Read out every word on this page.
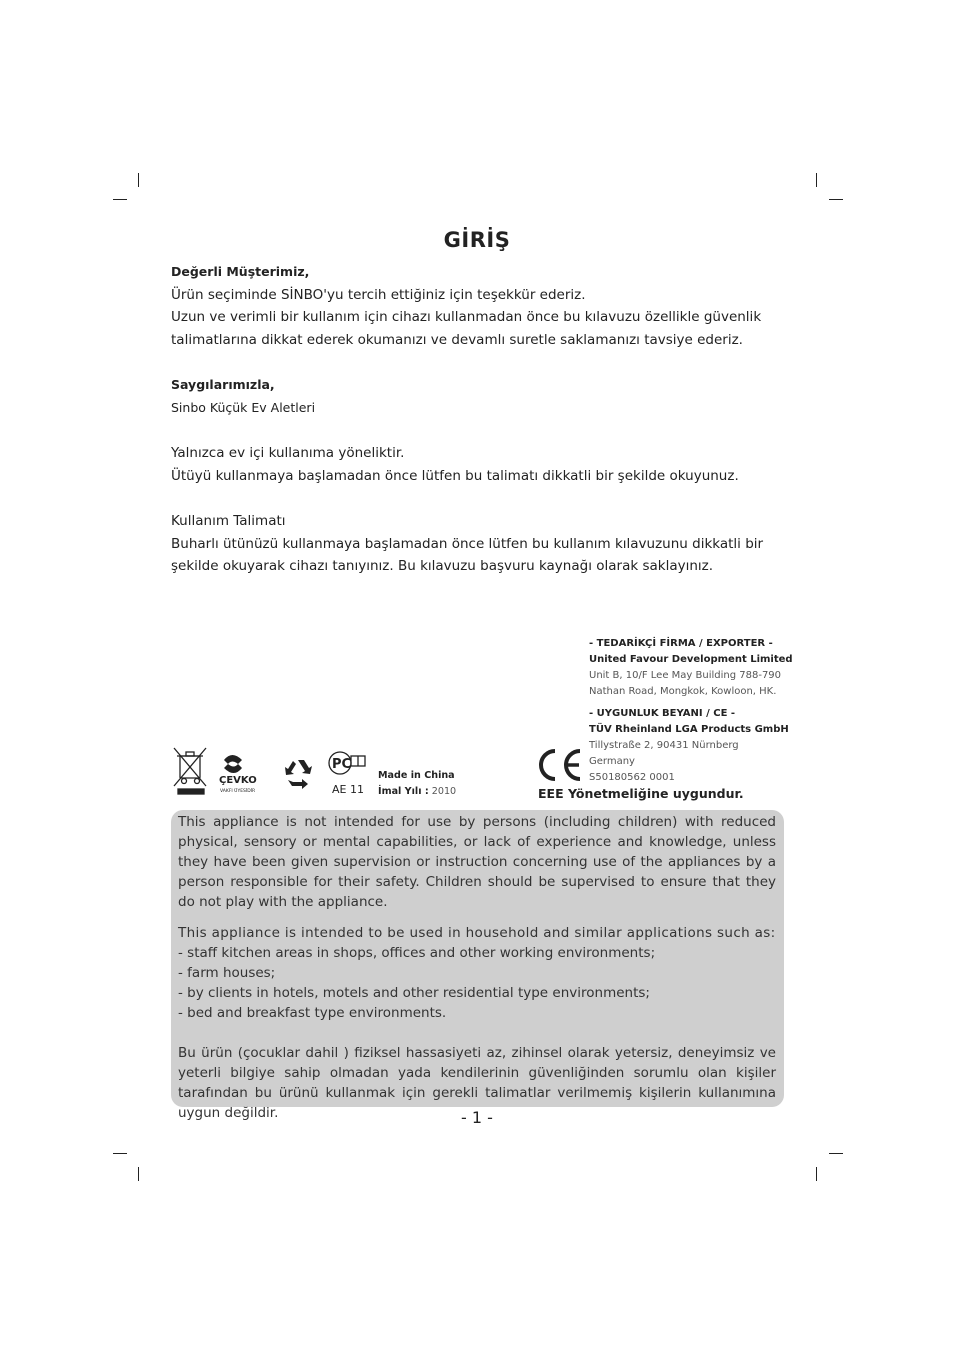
GİRİŞ

Değerli Müşterimiz,

Ürün seçiminde SİNBO'yu tercih ettiğiniz için teşekkür ederiz.

Uzun ve verimli bir kullanım için cihazı kullanmadan önce bu kılavuzu özellikle güvenlik

talimatlarına dikkat ederek okumanızı ve devamlı suretle saklamanızı tavsiye ederiz.

Saygılarımızla,

Sinbo Küçük Ev Aletleri

Yalnızca ev içi kullanıma yöneliktir.

Ütüyü kullanmaya başlamadan önce lütfen bu talimatı dikkatli bir şekilde okuyunuz.

Kullanım Talimatı

Buharlı ütünüzü kullanmaya başlamadan önce lütfen bu kullanım kılavuzunu dikkatli bir

şekilde okuyarak cihazı tanıyınız. Bu kılavuzu başvuru kaynağı olarak saklayınız.

- TEDARİKÇİ FİRMA / EXPORTER -
United Favour Development Limited
Unit B, 10/F Lee May Building 788-790
Nathan Road, Mongkok, Kowloon, HK.
- UYGUNLUK BEYANI / CE -
TÜV Rheinland LGA Products GmbH
Tillystraße 2, 90431 Nürnberg
Germany
S50180562 0001
ÇEVKO
VAKFI ÜYESİDİR
PC
AE 11
Made in China
İmal Yılı : 2010	EEE Yönetmeliğine uygundur.

This appliance is not intended for use by persons (including children) with reduced physical, sensory or mental capabilities, or lack of experience and knowledge, unless they have been given supervision or instruction concerning use of the appliances by a person responsible for their safety. Children should be supervised to ensure that they do not play with the appliance.

This appliance is intended to be used in household and similar applications such as:

- staff kitchen areas in shops, offices and other working environments;

- farm houses;

- by clients in hotels, motels and other residential type environments;

- bed and breakfast type environments.

Bu ürün (çocuklar dahil ) fiziksel hassasiyeti az, zihinsel olarak yetersiz, deneyimsiz ve yeterli bilgiye sahip olmadan yada kendilerinin güvenliğinden sorumlu olan kişiler tarafından bu ürünü kullanmak için gerekli talimatlar verilmemiş kişilerin kullanımına uygun değildir.	- 1 -
